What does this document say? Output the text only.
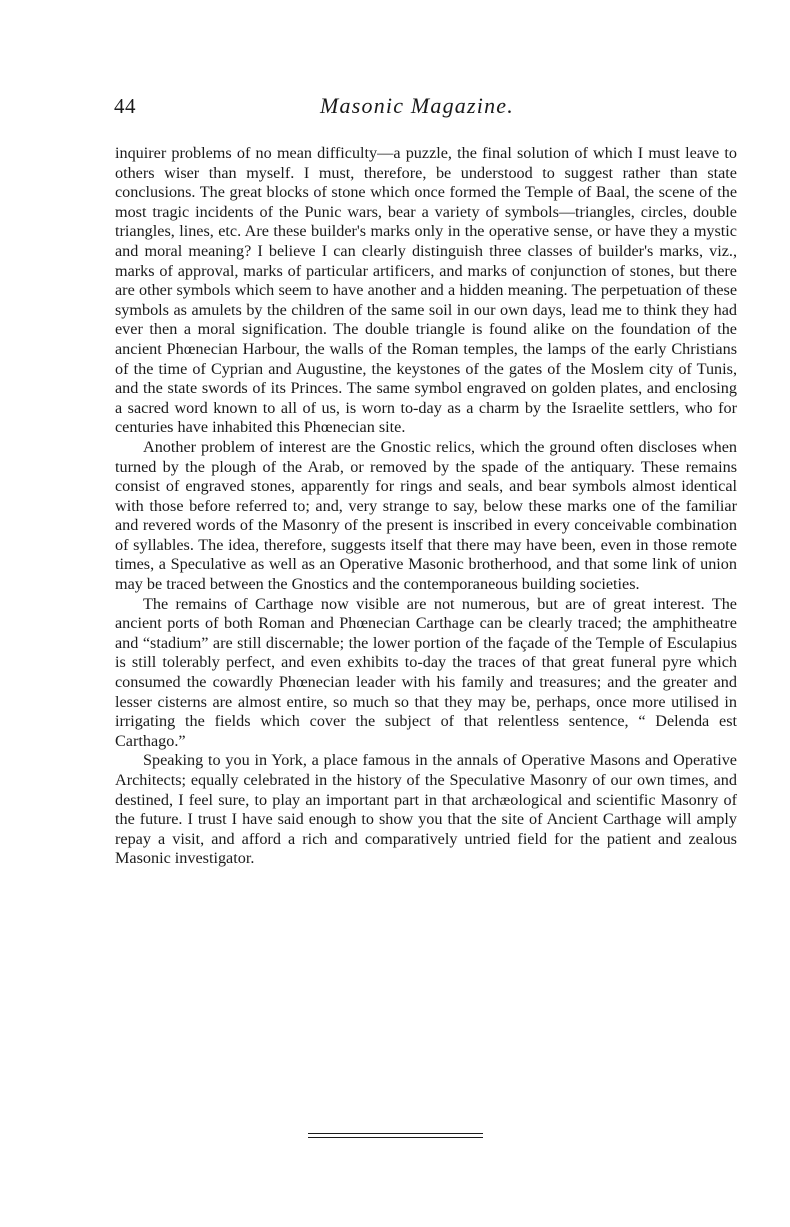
44	Masonic Magazine.

inquirer problems of no mean difficulty—a puzzle, the final solution of which I must leave to others wiser than myself. I must, therefore, be understood to suggest rather than state conclusions. The great blocks of stone which once formed the Temple of Baal, the scene of the most tragic incidents of the Punic wars, bear a variety of symbols—triangles, circles, double triangles, lines, etc. Are these builder's marks only in the operative sense, or have they a mystic and moral meaning? I believe I can clearly distinguish three classes of builder's marks, viz., marks of approval, marks of particular artificers, and marks of conjunction of stones, but there are other symbols which seem to have another and a hidden meaning. The perpetuation of these symbols as amulets by the children of the same soil in our own days, lead me to think they had ever then a moral signification. The double triangle is found alike on the foundation of the ancient Phœnecian Harbour, the walls of the Roman temples, the lamps of the early Christians of the time of Cyprian and Augustine, the keystones of the gates of the Moslem city of Tunis, and the state swords of its Princes. The same symbol engraved on golden plates, and enclosing a sacred word known to all of us, is worn to-day as a charm by the Israelite settlers, who for centuries have inhabited this Phœnecian site.

Another problem of interest are the Gnostic relics, which the ground often discloses when turned by the plough of the Arab, or removed by the spade of the antiquary. These remains consist of engraved stones, apparently for rings and seals, and bear symbols almost identical with those before referred to; and, very strange to say, below these marks one of the familiar and revered words of the Masonry of the present is inscribed in every conceivable combination of syllables. The idea, therefore, suggests itself that there may have been, even in those remote times, a Speculative as well as an Operative Masonic brotherhood, and that some link of union may be traced between the Gnostics and the contemporaneous building societies.

The remains of Carthage now visible are not numerous, but are of great interest. The ancient ports of both Roman and Phœnecian Carthage can be clearly traced; the amphitheatre and “stadium” are still discernable; the lower portion of the façade of the Temple of Esculapius is still tolerably perfect, and even exhibits to-day the traces of that great funeral pyre which consumed the cowardly Phœnecian leader with his family and treasures; and the greater and lesser cisterns are almost entire, so much so that they may be, perhaps, once more utilised in irrigating the fields which cover the subject of that relentless sentence, “ Delenda est Carthago.”

Speaking to you in York, a place famous in the annals of Operative Masons and Operative Architects; equally celebrated in the history of the Speculative Masonry of our own times, and destined, I feel sure, to play an important part in that archæological and scientific Masonry of the future. I trust I have said enough to show you that the site of Ancient Carthage will amply repay a visit, and afford a rich and comparatively untried field for the patient and zealous Masonic investigator.
